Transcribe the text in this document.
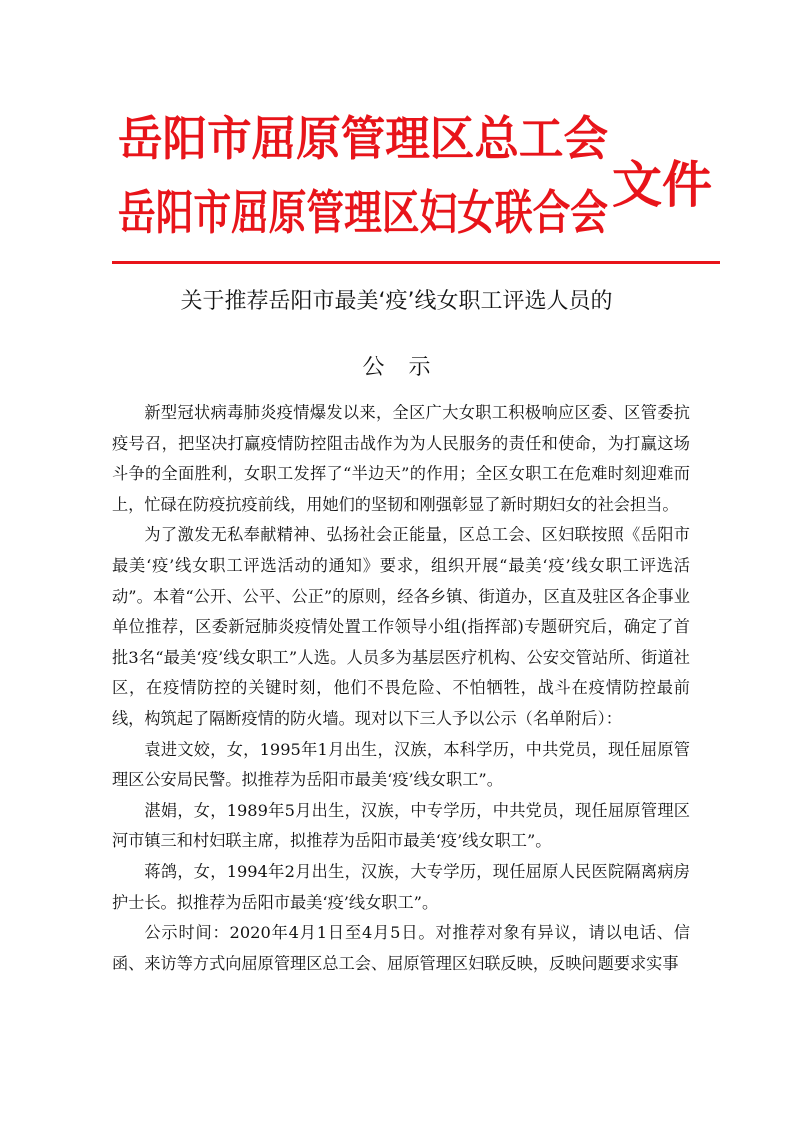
岳阳市屈原管理区总工会
岳阳市屈原管理区妇女联合会 文件
关于推荐岳阳市最美‘疫’线女职工评选人员的
公示

新型冠状病毒肺炎疫情爆发以来，全区广大女职工积极响应区委、区管委抗疫号召，把坚决打赢疫情防控阻击战作为为人民服务的责任和使命，为打赢这场斗争的全面胜利，女职工发挥了“半边天”的作用；全区女职工在危难时刻迎难而上，忙碌在防疫抗疫前线，用她们的坚韧和刚强彰显了新时期妇女的社会担当。

为了激发无私奉献精神、弘扬社会正能量，区总工会、区妇联按照《岳阳市最美‘疫’线女职工评选活动的通知》要求，组织开展“最美‘疫’线女职工评选活动”。本着“公开、公平、公正”的原则，经各乡镇、街道办，区直及驻区各企事业单位推荐，区委新冠肺炎疫情处置工作领导小组(指挥部)专题研究后，确定了首批3名“最美‘疫’线女职工”人选。人员多为基层医疗机构、公安交管站所、街道社区，在疫情防控的关键时刻，他们不畏危险、不怕牺牲，战斗在疫情防控最前线，构筑起了隔断疫情的防火墙。现对以下三人予以公示（名单附后）：

袁进文姣，女，1995年1月出生，汉族，本科学历，中共党员，现任屈原管理区公安局民警。拟推荐为岳阳市最美‘疫’线女职工”。

湛娟，女，1989年5月出生，汉族，中专学历，中共党员，现任屈原管理区河市镇三和村妇联主席，拟推荐为岳阳市最美‘疫’线女职工”。

蒋鸽，女，1994年2月出生，汉族，大专学历，现任屈原人民医院隔离病房护士长。拟推荐为岳阳市最美‘疫’线女职工”。

公示时间：2020年4月1日至4月5日。对推荐对象有异议，请以电话、信函、来访等方式向屈原管理区总工会、屈原管理区妇联反映，反映问题要求实事
